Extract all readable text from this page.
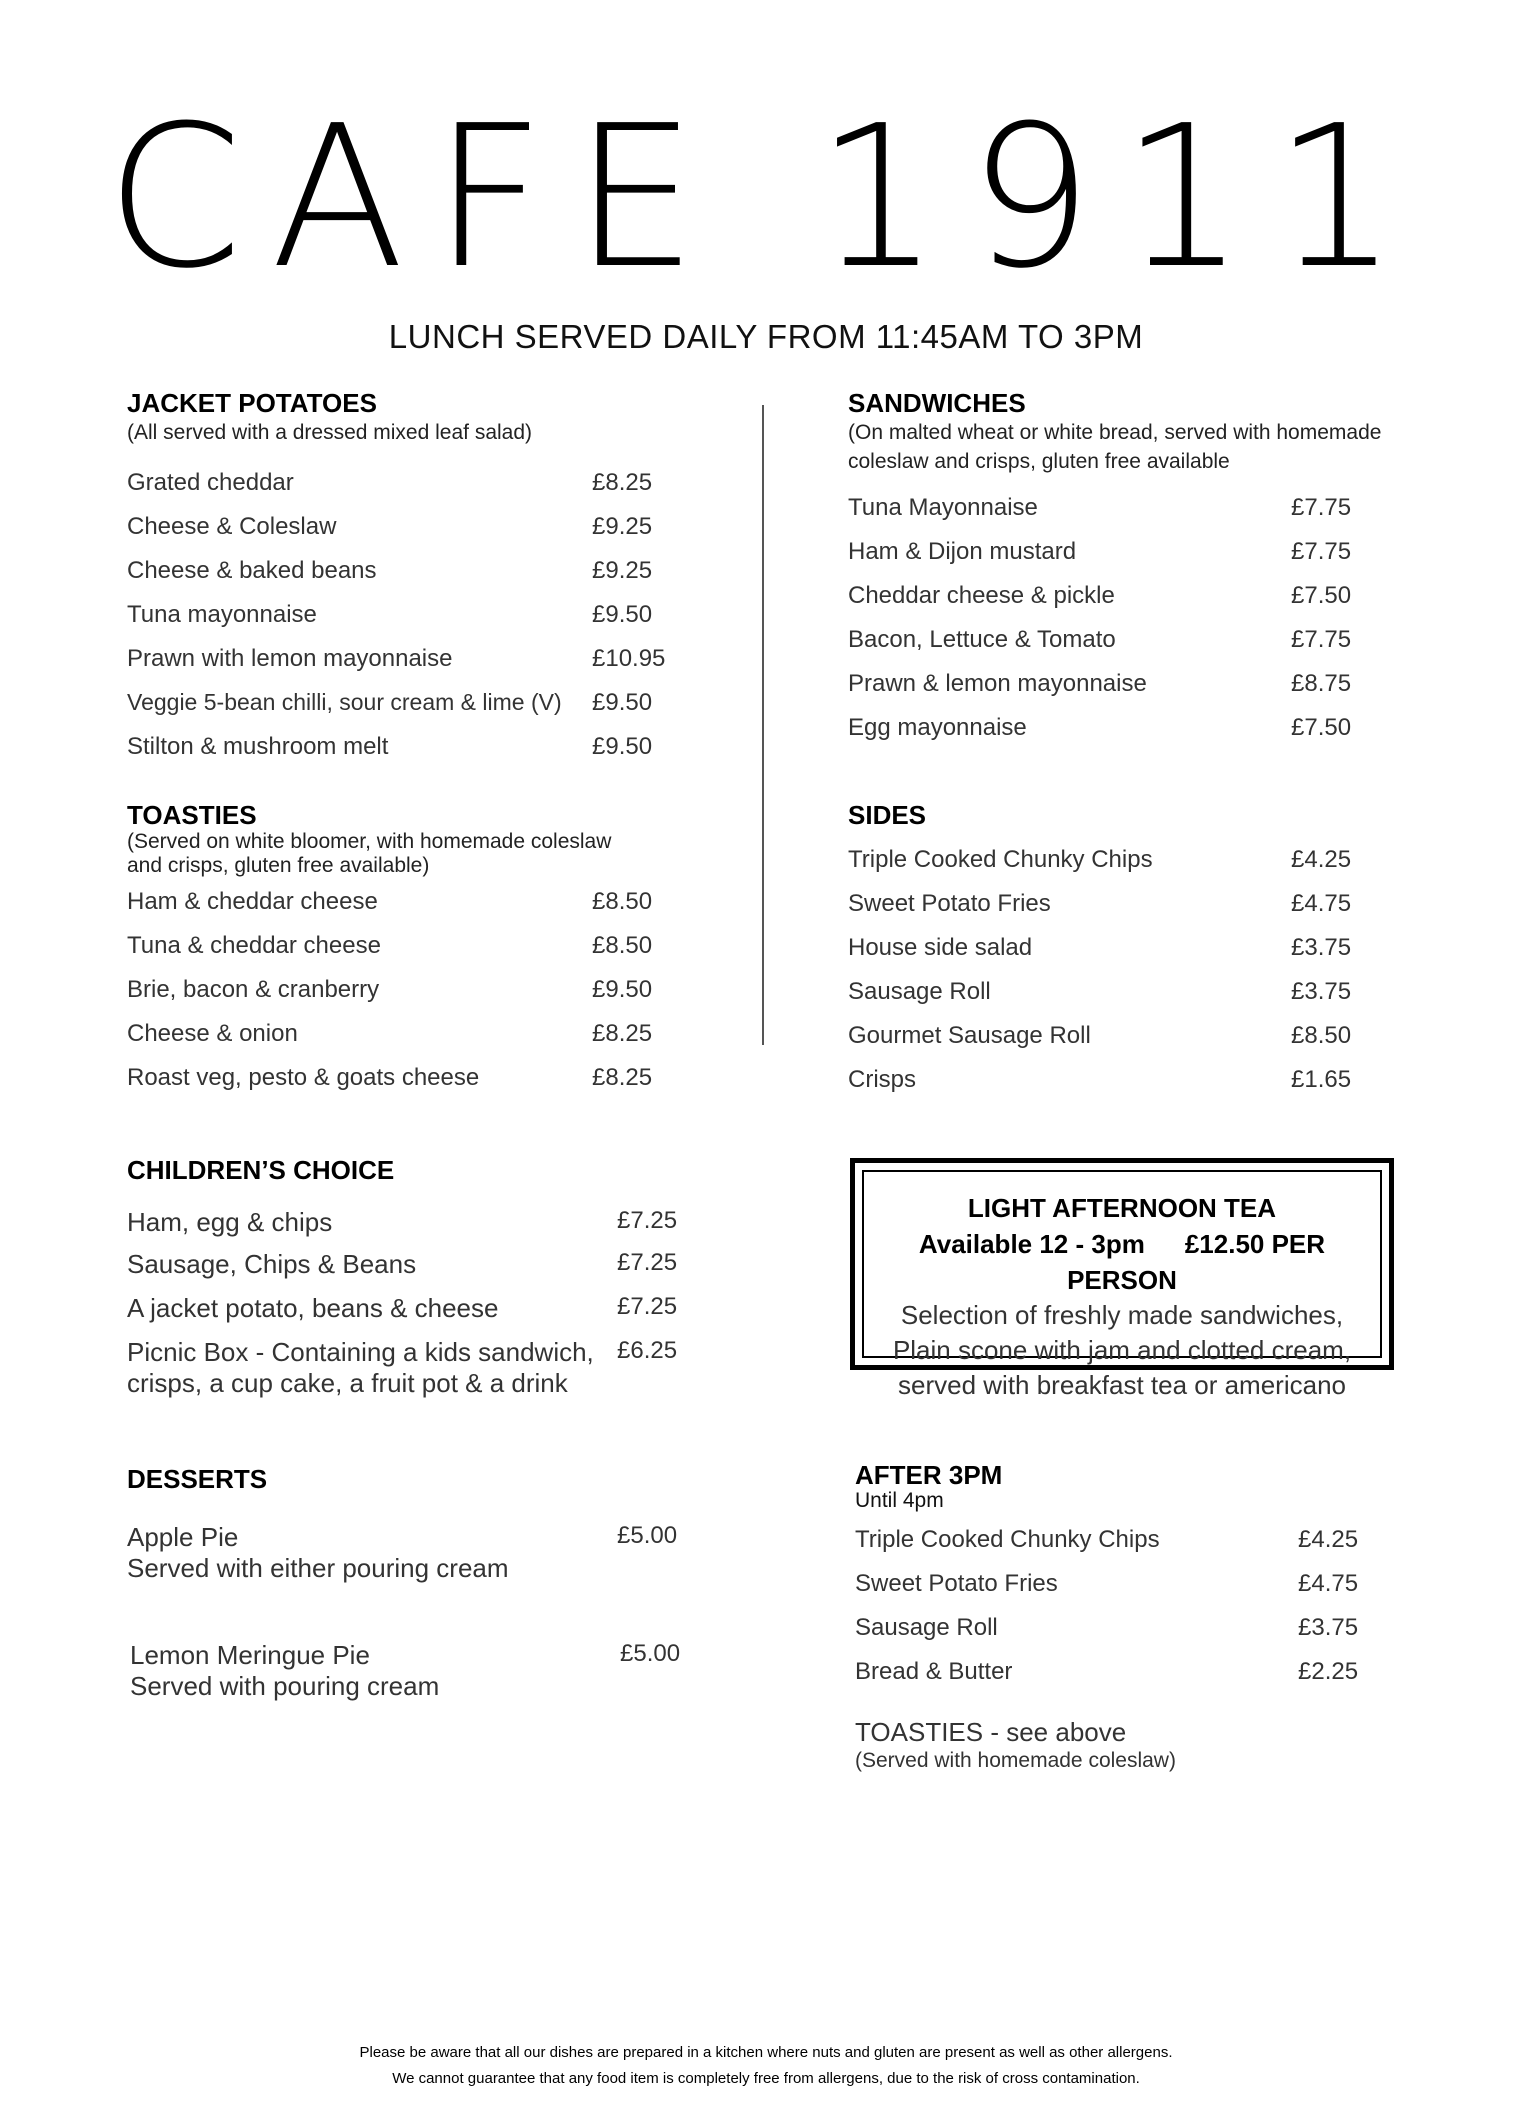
CAFE 1911
LUNCH SERVED DAILY FROM 11:45AM TO 3PM
JACKET POTATOES
(All served with a dressed mixed leaf salad)
Grated cheddar	£8.25
Cheese & Coleslaw	£9.25
Cheese & baked beans	£9.25
Tuna mayonnaise	£9.50
Prawn with lemon mayonnaise	£10.95
Veggie 5-bean chilli, sour cream & lime (V) £9.50
Stilton & mushroom melt	£9.50
TOASTIES
(Served on white bloomer, with homemade coleslaw
and crisps, gluten free available)
Ham & cheddar cheese	£8.50
Tuna & cheddar cheese	£8.50
Brie, bacon & cranberry	£9.50
Cheese & onion	£8.25
Roast veg, pesto & goats cheese	£8.25
CHILDREN’S CHOICE
Ham, egg & chips	£7.25
Sausage, Chips & Beans	£7.25
A jacket potato, beans & cheese	£7.25
Picnic Box - Containing a kids sandwich,
crisps, a cup cake, a fruit pot & a drink
£6.25
DESSERTS
Apple Pie
Served with either pouring cream
£5.00
Lemon Meringue Pie
Served with pouring cream
£5.00
SANDWICHES
(On malted wheat or white bread, served with homemade
coleslaw and crisps, gluten free available
Tuna Mayonnaise	£7.75
Ham & Dijon mustard	£7.75
Cheddar cheese & pickle	£7.50
Bacon, Lettuce & Tomato	£7.75
Prawn & lemon mayonnaise	£8.75
Egg mayonnaise	£7.50
SIDES
Triple Cooked Chunky Chips	£4.25
Sweet Potato Fries	£4.75
House side salad	£3.75
Sausage Roll	£3.75
Gourmet Sausage Roll	£8.50
Crisps	£1.65
LIGHT AFTERNOON TEA
Available 12 - 3pm £12.50 PER PERSON
Selection of freshly made sandwiches,
Plain scone with jam and clotted cream,
served with breakfast tea or americano
AFTER 3PM
Until 4pm
Triple Cooked Chunky Chips	£4.25
Sweet Potato Fries	£4.75
Sausage Roll	£3.75
Bread & Butter	£2.25
TOASTIES - see above
(Served with homemade coleslaw)
Please be aware that all our dishes are prepared in a kitchen where nuts and gluten are present as well as other allergens.
We cannot guarantee that any food item is completely free from allergens, due to the risk of cross contamination.
